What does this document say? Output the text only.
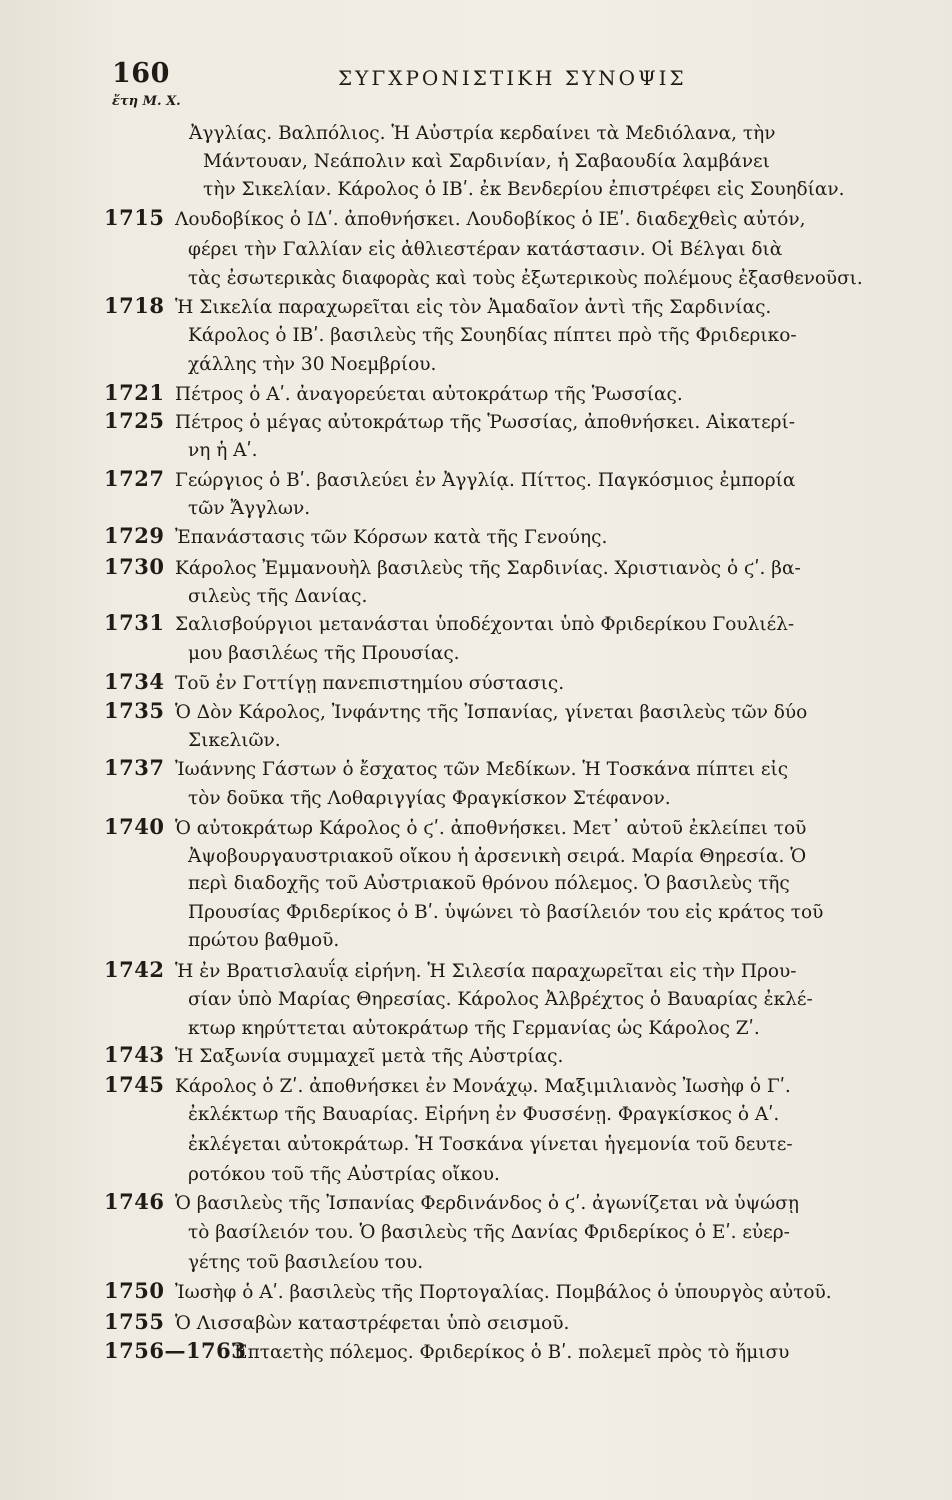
160	ΣΥΓΧΡΟΝΙΣΤΙΚΗ ΣΥΝΟΨΙΣ
ἔτη Μ. Χ.
Ἀγγλίας. Βαλπόλιος. Ἡ Αὐστρία κερδαίνει τὰ Μεδιόλανα, τὴν
Μάντουαν, Νεάπολιν καὶ Σαρδινίαν, ἡ Σαβαουδία λαμβάνει
τὴν Σικελίαν. Κάρολος ὁ ΙΒʹ. ἐκ Βενδερίου ἐπιστρέφει εἰς Σουηδίαν.
1715 Λουδοβίκος ὁ ΙΔʹ. ἀποθνήσκει. Λουδοβίκος ὁ ΙΕʹ. διαδεχθεὶς αὐτόν,
φέρει τὴν Γαλλίαν εἰς ἀθλιεστέραν κατάστασιν. Οἱ Βέλγαι διὰ
τὰς ἐσωτερικὰς διαφορὰς καὶ τοὺς ἐξωτερικοὺς πολέμους ἐξασθενοῦσι.
1718 Ἡ Σικελία παραχωρεῖται εἰς τὸν Ἀμαδαῖον ἀντὶ τῆς Σαρδινίας.
Κάρολος ὁ ΙΒʹ. βασιλεὺς τῆς Σουηδίας πίπτει πρὸ τῆς Φριδερικο-
χάλλης τὴν 30 Νοεμβρίου.
1721 Πέτρος ὁ Αʹ. ἀναγορεύεται αὐτοκράτωρ τῆς Ῥωσσίας.
1725 Πέτρος ὁ μέγας αὐτοκράτωρ τῆς Ῥωσσίας, ἀποθνήσκει. Αἰκατερί-
νη ἡ Αʹ.
1727 Γεώργιος ὁ Βʹ. βασιλεύει ἐν Ἀγγλίᾳ. Πίττος. Παγκόσμιος ἐμπορία
τῶν Ἄγγλων.
1729 Ἐπανάστασις τῶν Κόρσων κατὰ τῆς Γενούης.
1730 Κάρολος Ἐμμανουὴλ βασιλεὺς τῆς Σαρδινίας. Χριστιανὸς ὁ ϛʹ. βα-
σιλεὺς τῆς Δανίας.
1731 Σαλισβούργιοι μετανάσται ὑποδέχονται ὑπὸ Φριδερίκου Γουλιέλ-
μου βασιλέως τῆς Προυσίας.
1734 Τοῦ ἐν Γοττίγῃ πανεπιστημίου σύστασις.
1735 Ὁ Δὸν Κάρολος, Ἰνφάντης τῆς Ἰσπανίας, γίνεται βασιλεὺς τῶν δύο
Σικελιῶν.
1737 Ἰωάννης Γάστων ὁ ἔσχατος τῶν Μεδίκων. Ἡ Τοσκάνα πίπτει εἰς
τὸν δοῦκα τῆς Λοθαριγγίας Φραγκίσκον Στέφανον.
1740 Ὁ αὐτοκράτωρ Κάρολος ὁ ϛʹ. ἀποθνήσκει. Μετ᾽ αὐτοῦ ἐκλείπει τοῦ
Ἀψοβουργαυστριακοῦ οἴκου ἡ ἀρσενικὴ σειρά. Μαρία Θηρεσία. Ὁ
περὶ διαδοχῆς τοῦ Αὐστριακοῦ θρόνου πόλεμος. Ὁ βασιλεὺς τῆς
Προυσίας Φριδερίκος ὁ Βʹ. ὑψώνει τὸ βασίλειόν του εἰς κράτος τοῦ
πρώτου βαθμοῦ.
1742 Ἡ ἐν Βρατισλαυΐᾳ εἰρήνη. Ἡ Σιλεσία παραχωρεῖται εἰς τὴν Πρου-
σίαν ὑπὸ Μαρίας Θηρεσίας. Κάρολος Ἀλβρέχτος ὁ Βαυαρίας ἐκλέ-
κτωρ κηρύττεται αὐτοκράτωρ τῆς Γερμανίας ὡς Κάρολος Ζʹ.
1743 Ἡ Σαξωνία συμμαχεῖ μετὰ τῆς Αὐστρίας.
1745 Κάρολος ὁ Ζʹ. ἀποθνήσκει ἐν Μονάχῳ. Μαξιμιλιανὸς Ἰωσὴφ ὁ Γʹ.
ἐκλέκτωρ τῆς Βαυαρίας. Εἰρήνη ἐν Φυσσένῃ. Φραγκίσκος ὁ Αʹ.
ἐκλέγεται αὐτοκράτωρ. Ἡ Τοσκάνα γίνεται ἡγεμονία τοῦ δευτε-
ροτόκου τοῦ τῆς Αὐστρίας οἴκου.
1746 Ὁ βασιλεὺς τῆς Ἰσπανίας Φερδινάνδος ὁ ϛʹ. ἀγωνίζεται νὰ ὑψώσῃ
τὸ βασίλειόν του. Ὁ βασιλεὺς τῆς Δανίας Φριδερίκος ὁ Εʹ. εὐερ-
γέτης τοῦ βασιλείου του.
1750 Ἰωσὴφ ὁ Αʹ. βασιλεὺς τῆς Πορτογαλίας. Πομβάλος ὁ ὑπουργὸς αὐτοῦ.
1755 Ὁ Λισσαβὼν καταστρέφεται ὑπὸ σεισμοῦ.
1756—1763
Ἑπταετὴς πόλεμος. Φριδερίκος ὁ Βʹ. πολεμεῖ πρὸς τὸ ἥμισυ
